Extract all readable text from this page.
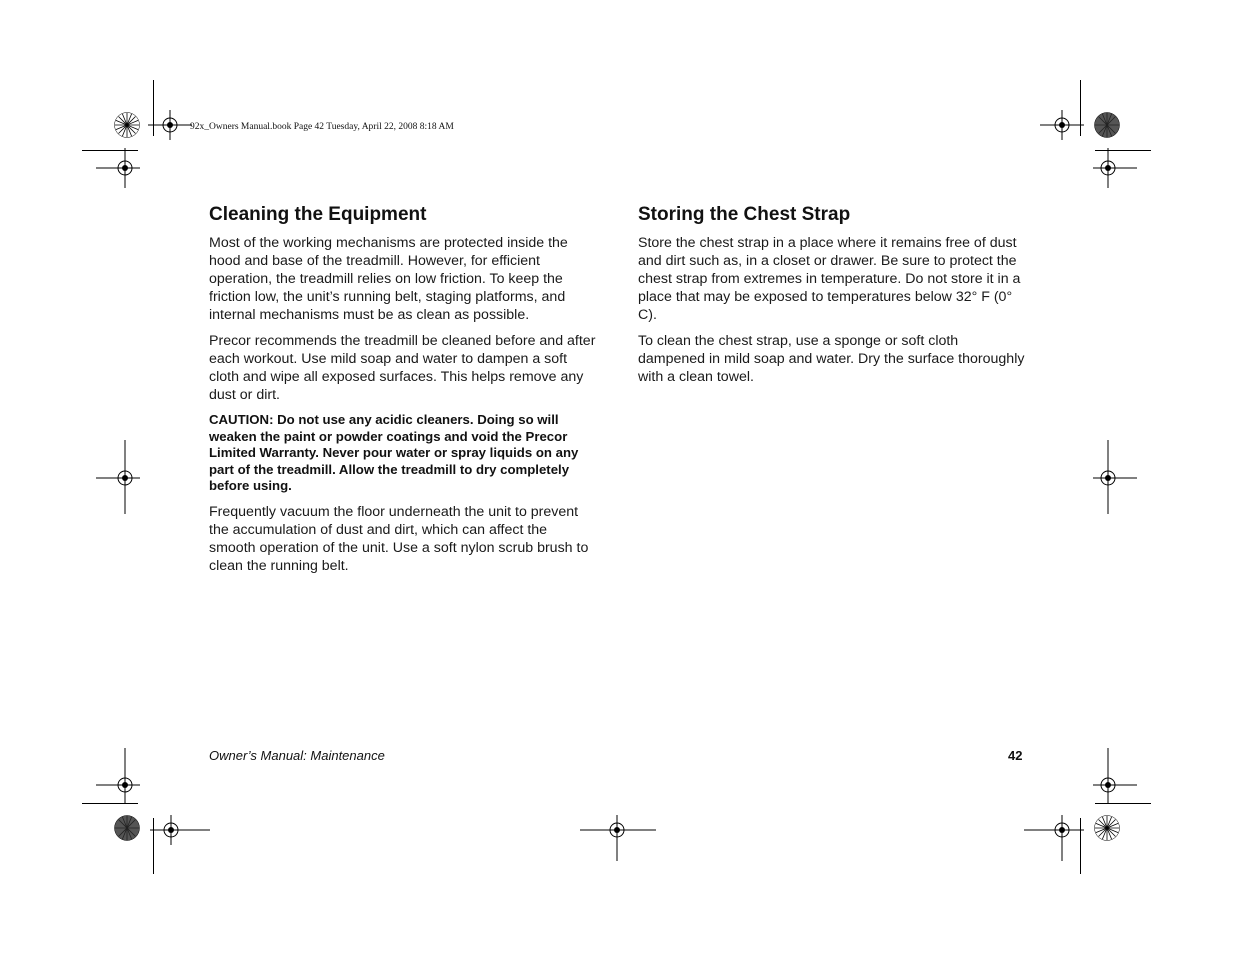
92x_Owners Manual.book Page 42 Tuesday, April 22, 2008 8:18 AM
Cleaning the Equipment

Most of the working mechanisms are protected inside the hood and base of the treadmill. However, for efficient operation, the treadmill relies on low friction. To keep the friction low, the unit’s running belt, staging platforms, and internal mechanisms must be as clean as possible.

Precor recommends the treadmill be cleaned before and after each workout. Use mild soap and water to dampen a soft cloth and wipe all exposed surfaces. This helps remove any dust or dirt.

CAUTION: Do not use any acidic cleaners. Doing so will weaken the paint or powder coatings and void the Precor Limited Warranty. Never pour water or spray liquids on any part of the treadmill. Allow the treadmill to dry completely before using.

Frequently vacuum the floor underneath the unit to prevent the accumulation of dust and dirt, which can affect the smooth operation of the unit. Use a soft nylon scrub brush to clean the running belt.

Storing the Chest Strap

Store the chest strap in a place where it remains free of dust and dirt such as, in a closet or drawer. Be sure to protect the chest strap from extremes in temperature. Do not store it in a place that may be exposed to temperatures below 32° F (0° C).

To clean the chest strap, use a sponge or soft cloth dampened in mild soap and water. Dry the surface thoroughly with a clean towel.

Owner’s Manual: Maintenance	42
